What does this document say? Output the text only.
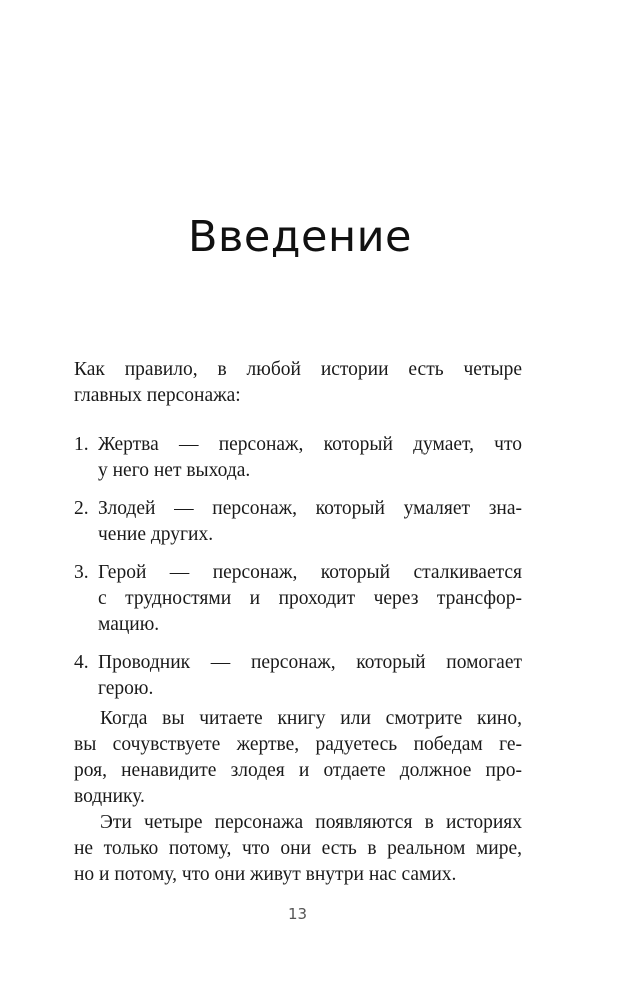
Введение
Как правило, в любой истории есть четыре
главных персонажа:
1. Жертва — персонаж, который думает, что
у него нет выхода.
2. Злодей — персонаж, который умаляет зна-
чение других.
3. Герой — персонаж, который сталкивается
с трудностями и проходит через трансфор-
мацию.
4. Проводник — персонаж, который помогает
герою.
Когда вы читаете книгу или смотрите кино,
вы сочувствуете жертве, радуетесь победам ге-
роя, ненавидите злодея и отдаете должное про-
воднику.
Эти четыре персонажа появляются в историях
не только потому, что они есть в реальном мире,
но и потому, что они живут внутри нас самих.
13
